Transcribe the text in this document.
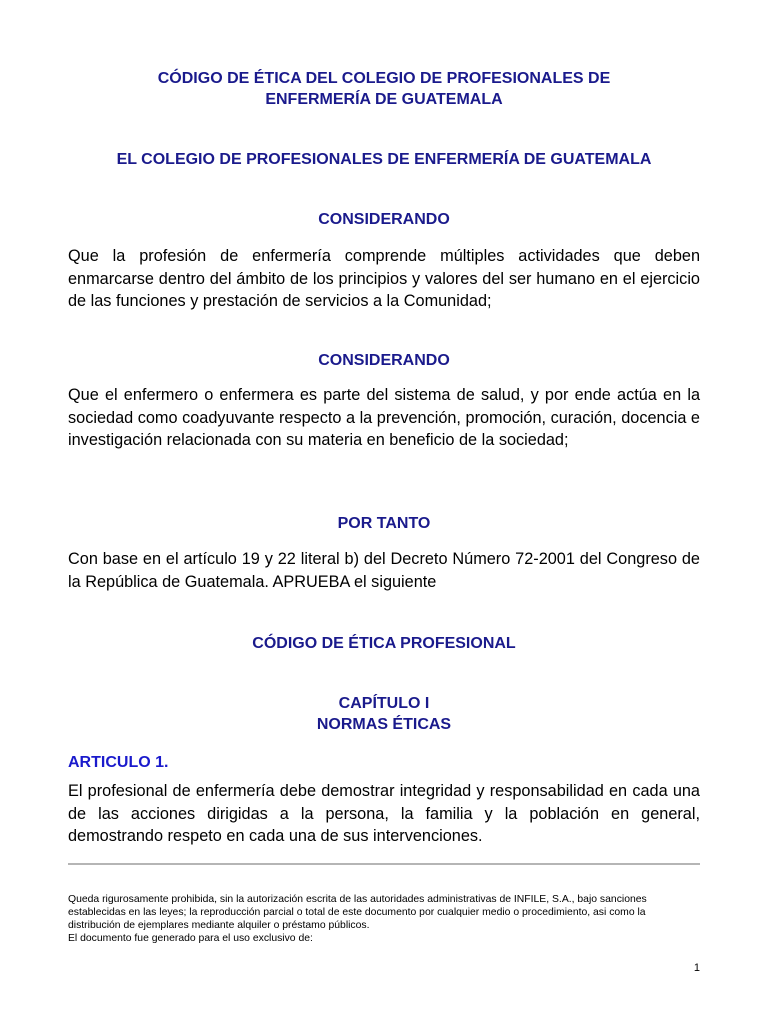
CÓDIGO DE ÉTICA DEL COLEGIO DE PROFESIONALES DE
ENFERMERÍA DE GUATEMALA
EL COLEGIO DE PROFESIONALES DE ENFERMERÍA DE GUATEMALA
CONSIDERANDO
Que la profesión de enfermería comprende múltiples actividades que deben enmarcarse dentro del ámbito de los principios y valores del ser humano en el ejercicio de las funciones y prestación de servicios a la Comunidad;
CONSIDERANDO
Que el enfermero o enfermera es parte del sistema de salud, y por ende actúa en la sociedad como coadyuvante respecto a la prevención, promoción, curación, docencia e investigación relacionada con su materia en beneficio de la sociedad;
POR TANTO
Con base en el artículo 19 y 22 literal b) del Decreto Número 72-2001 del Congreso de la República de Guatemala. APRUEBA el siguiente
CÓDIGO DE ÉTICA PROFESIONAL
CAPÍTULO I
NORMAS ÉTICAS
ARTICULO 1.
El profesional de enfermería debe demostrar integridad y responsabilidad en cada una de las acciones dirigidas a la persona, la familia y la población en general, demostrando respeto en cada una de sus intervenciones.
Queda rigurosamente prohibida, sin la autorización escrita de las autoridades administrativas de INFILE, S.A., bajo sanciones
establecidas en las leyes; la reproducción parcial o total de este documento por cualquier medio o procedimiento, asi como la
distribución de ejemplares mediante alquiler o préstamo públicos.
El documento fue generado para el uso exclusivo de:
1
